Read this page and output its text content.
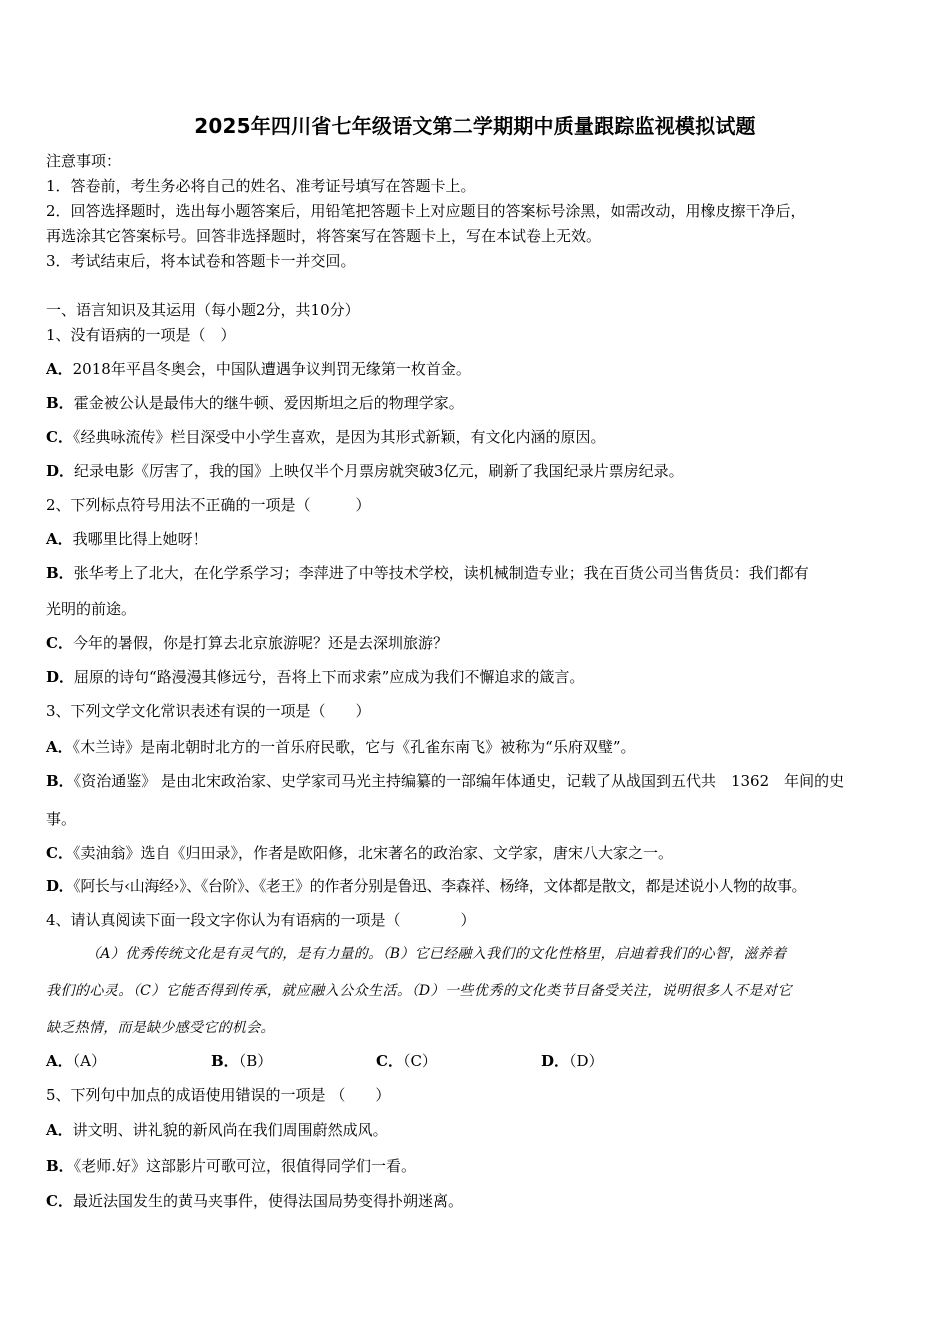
2025年四川省七年级语文第二学期期中质量跟踪监视模拟试题
注意事项：
1．答卷前，考生务必将自己的姓名、准考证号填写在答题卡上。
2．回答选择题时，选出每小题答案后，用铅笔把答题卡上对应题目的答案标号涂黑，如需改动，用橡皮擦干净后，
再选涂其它答案标号。回答非选择题时，将答案写在答题卡上，写在本试卷上无效。
3．考试结束后，将本试卷和答题卡一并交回。
一、语言知识及其运用（每小题2分，共10分）
1、没有语病的一项是（　）
A．2018年平昌冬奥会，中国队遭遇争议判罚无缘第一枚首金。
B．霍金被公认是最伟大的继牛顿、爱因斯坦之后的物理学家。
C．《经典咏流传》栏目深受中小学生喜欢，是因为其形式新颖，有文化内涵的原因。
D．纪录电影《厉害了，我的国》上映仅半个月票房就突破3亿元，刷新了我国纪录片票房纪录。
2、下列标点符号用法不正确的一项是（　　　）
A．我哪里比得上她呀！
B．张华考上了北大，在化学系学习；李萍进了中等技术学校，读机械制造专业；我在百货公司当售货员：我们都有
光明的前途。
C．今年的暑假，你是打算去北京旅游呢？还是去深圳旅游？
D．屈原的诗句“路漫漫其修远兮，吾将上下而求索”应成为我们不懈追求的箴言。
3、下列文学文化常识表述有误的一项是（　　）
A．《木兰诗》是南北朝时北方的一首乐府民歌，它与《孔雀东南飞》被称为“乐府双璧”。
B．《资治通鉴》 是由北宋政治家、史学家司马光主持编纂的一部编年体通史，记载了从战国到五代共　1362　年间的史
事。
C．《卖油翁》选自《归田录》，作者是欧阳修，北宋著名的政治家、文学家，唐宋八大家之一。
D．《阿长与‹山海经›》、《台阶》、《老王》的作者分别是鲁迅、李森祥、杨绛，文体都是散文，都是述说小人物的故事。
4、请认真阅读下面一段文字你认为有语病的一项是（　　　　）
（A）优秀传统文化是有灵气的，是有力量的。（B）它已经融入我们的文化性格里，启迪着我们的心智，滋养着
我们的心灵。（C）它能否得到传承，就应融入公众生活。（D）一些优秀的文化类节目备受关注，说明很多人不是对它
缺乏热情，而是缺少感受它的机会。
A．（A）	B．（B）	C．（C）	D．（D）
5、下列句中加点的成语使用错误的一项是 （　　）
A．讲文明、讲礼貌的新风尚在我们周围蔚然成风。
B．《老师.好》这部影片可歌可泣，很值得同学们一看。
C．最近法国发生的黄马夹事件，使得法国局势变得扑朔迷离。
